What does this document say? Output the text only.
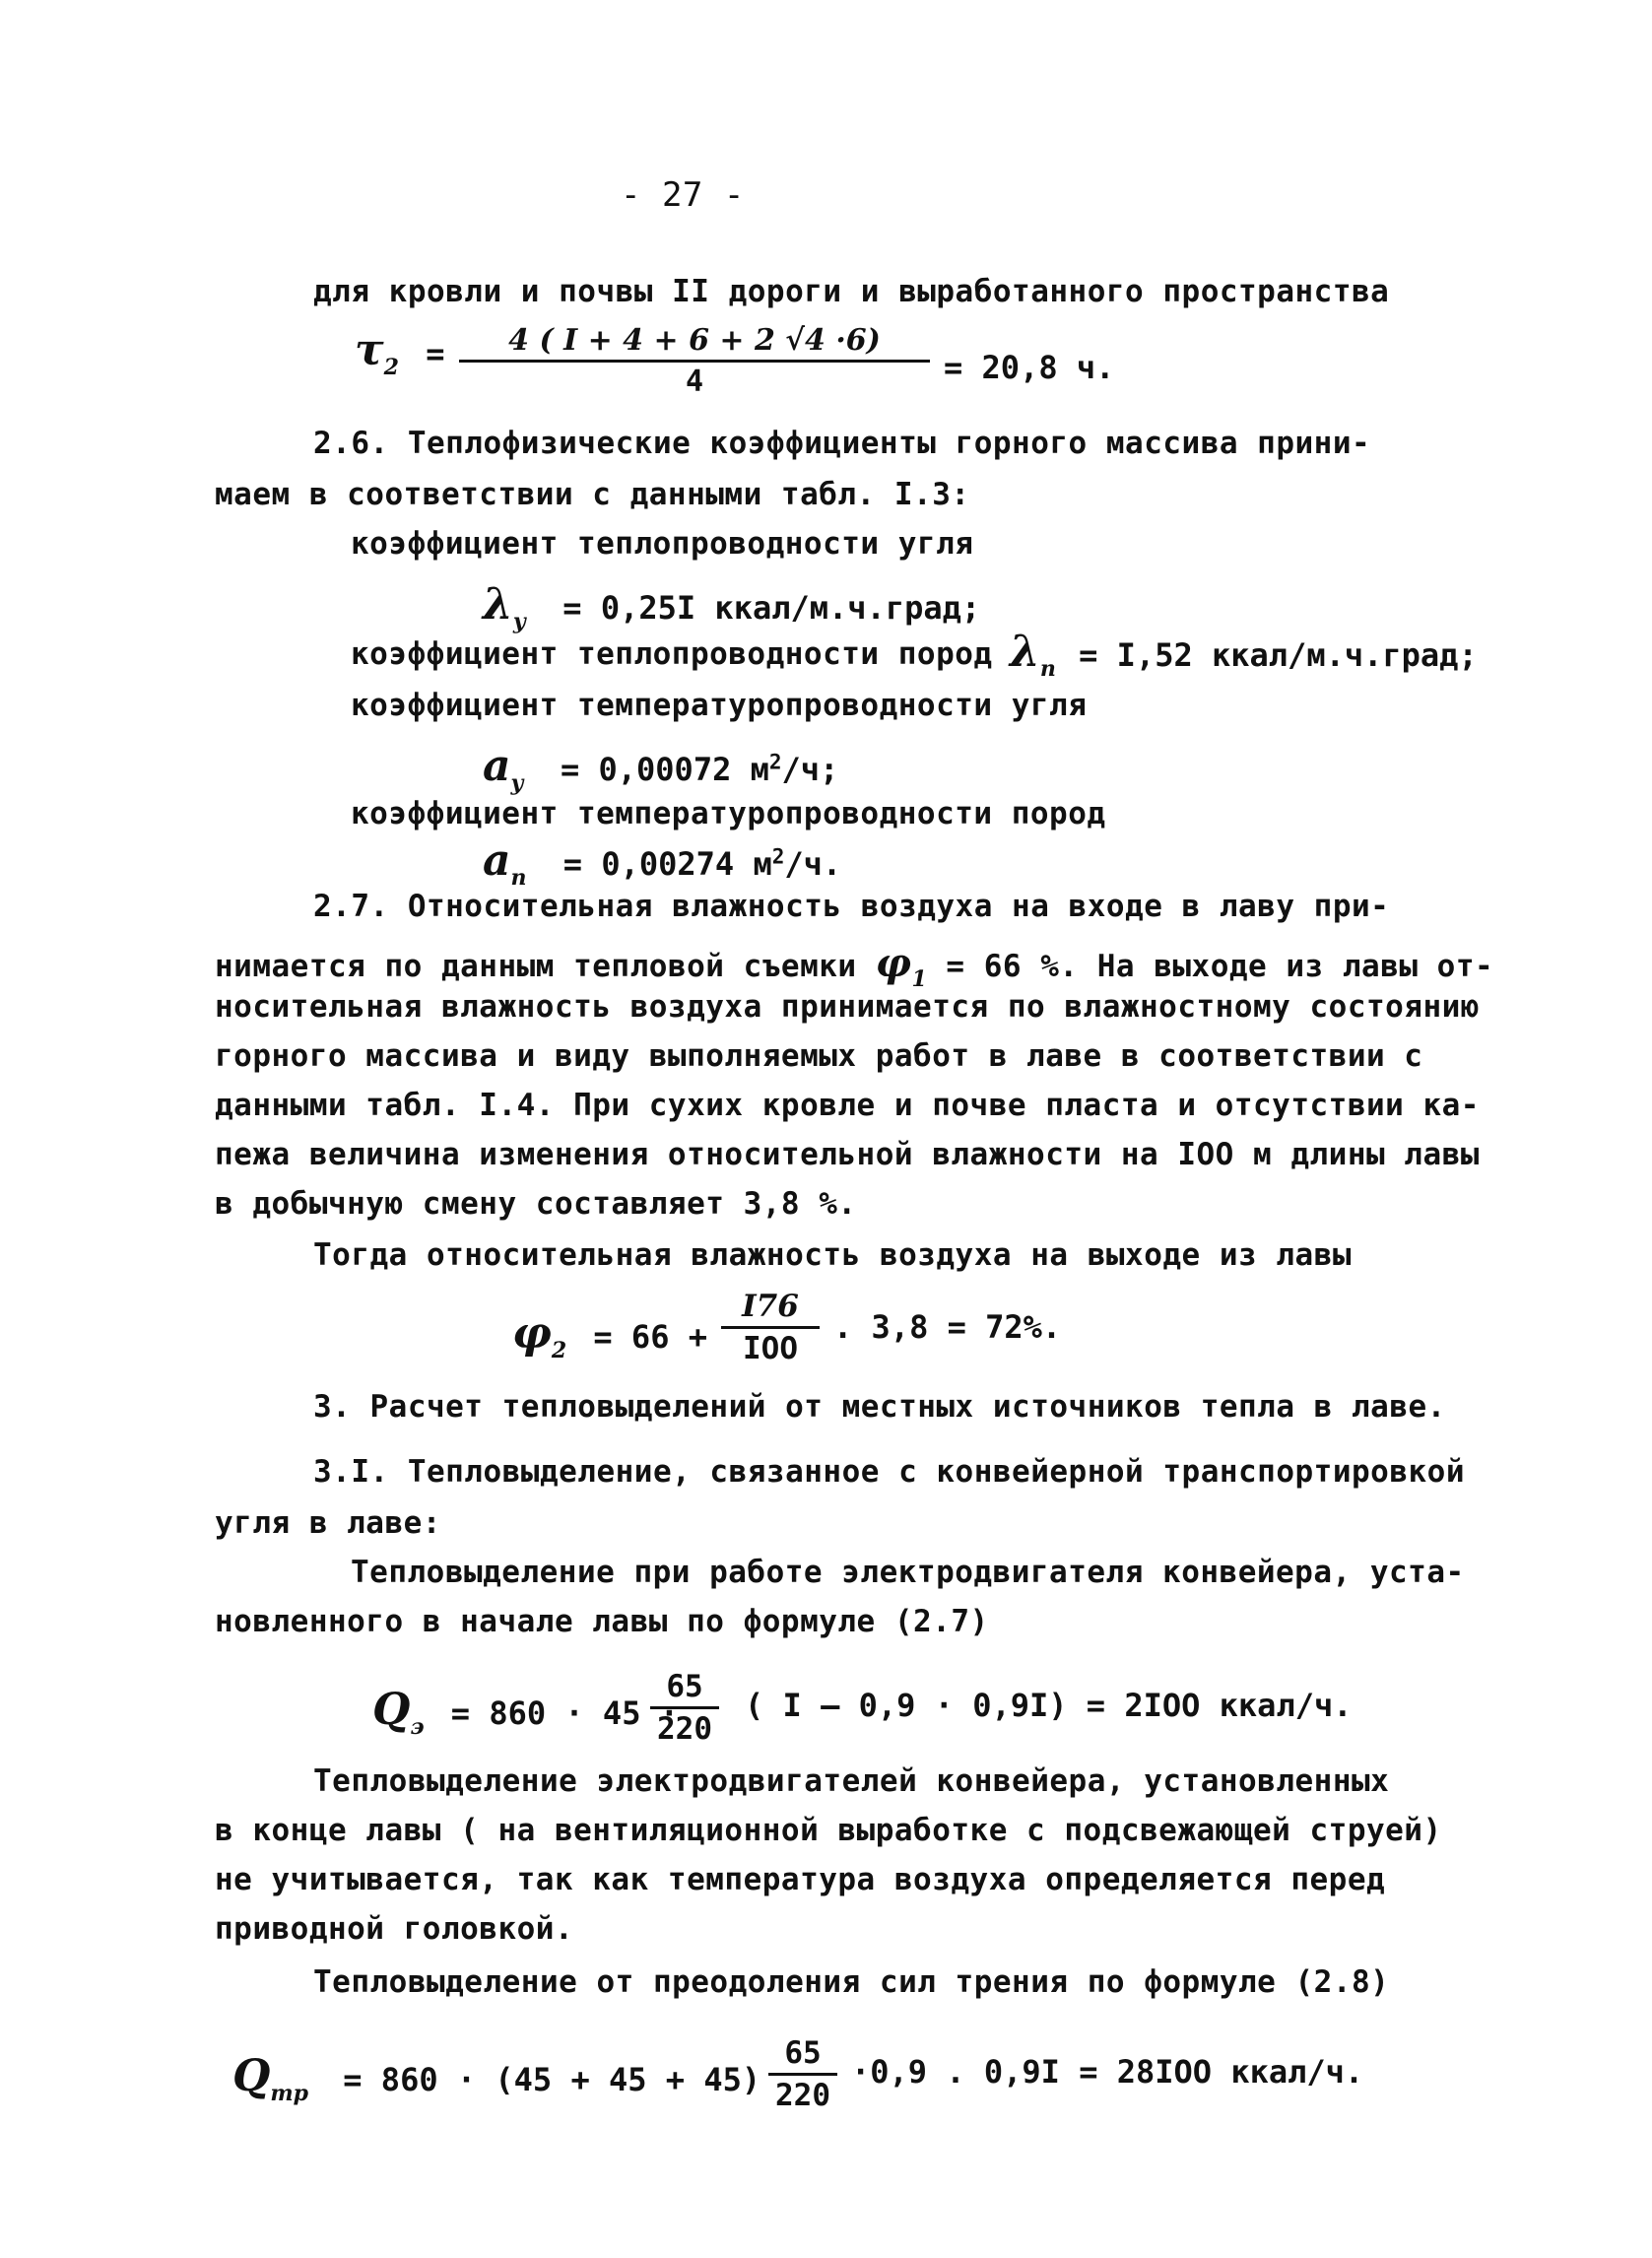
- 27 -
для кровли и почвы II дороги и выработанного пространства
$\tau_2 = \frac{4 ( I + 4 + 6 + 2 √4 \cdot 6)}{4} = 20,8$ ч.
2.6. Теплофизические коэффициенты горного массива прини-
маем в соответствии с данными табл. I.3:
коэффициент теплопроводности угля
$\lambda_у = 0,25I$ ккал/м.ч.град;
коэффициент теплопроводности пород $\lambda_п = I,52$ ккал/м.ч.град;
коэффициент температуропроводности угля
$a_у = 0,00072$ $м^2/ч$;
коэффициент температуропроводности пород
$a_п = 0,00274$ $м^2/ч$.
2.7. Относительная влажность воздуха на входе в лаву при-
нимается по данным тепловой съемки $\varphi_1 = 66$ %. На выходе из лавы от-
носительная влажность воздуха принимается по влажностному состоянию
горного массива и виду выполняемых работ в лаве в соответствии с
данными табл. I.4. При сухих кровле и почве пласта и отсутствии ка-
пежа величина изменения относительной влажности на IOO м длины лавы
в добычную смену составляет 3,8 %.
Тогда относительная влажность воздуха на выходе из лавы
$\varphi_2 = 66$ +
I76
IOO
. 3,8 = 72%.
3. Расчет тепловыделений от местных источников тепла в лаве.
3.I. Тепловыделение, связанное с конвейерной транспортировкой
угля в лаве:
Тепловыделение при работе электродвигателя конвейера, уста-
новленного в начале лавы по формуле (2.7)
$Q_э = 860 \cdot 45$ ·
$\frac{65}{220}$ ( I – 0,9 · 0,9I) = 2IOO ккал/ч.
Тепловыделение электродвигателей конвейера, установленных
в конце лавы ( на вентиляционной выработке с подсвежающей струей)
не учитывается, так как температура воздуха определяется перед
приводной головкой.
Тепловыделение от преодоления сил трения по формуле (2.8)
$Q_{тр} = 860 \cdot (45 + 45 + 45) \frac{65}{220} \cdot 0,9$ . 0,9I = 28IOO ккал/ч.
